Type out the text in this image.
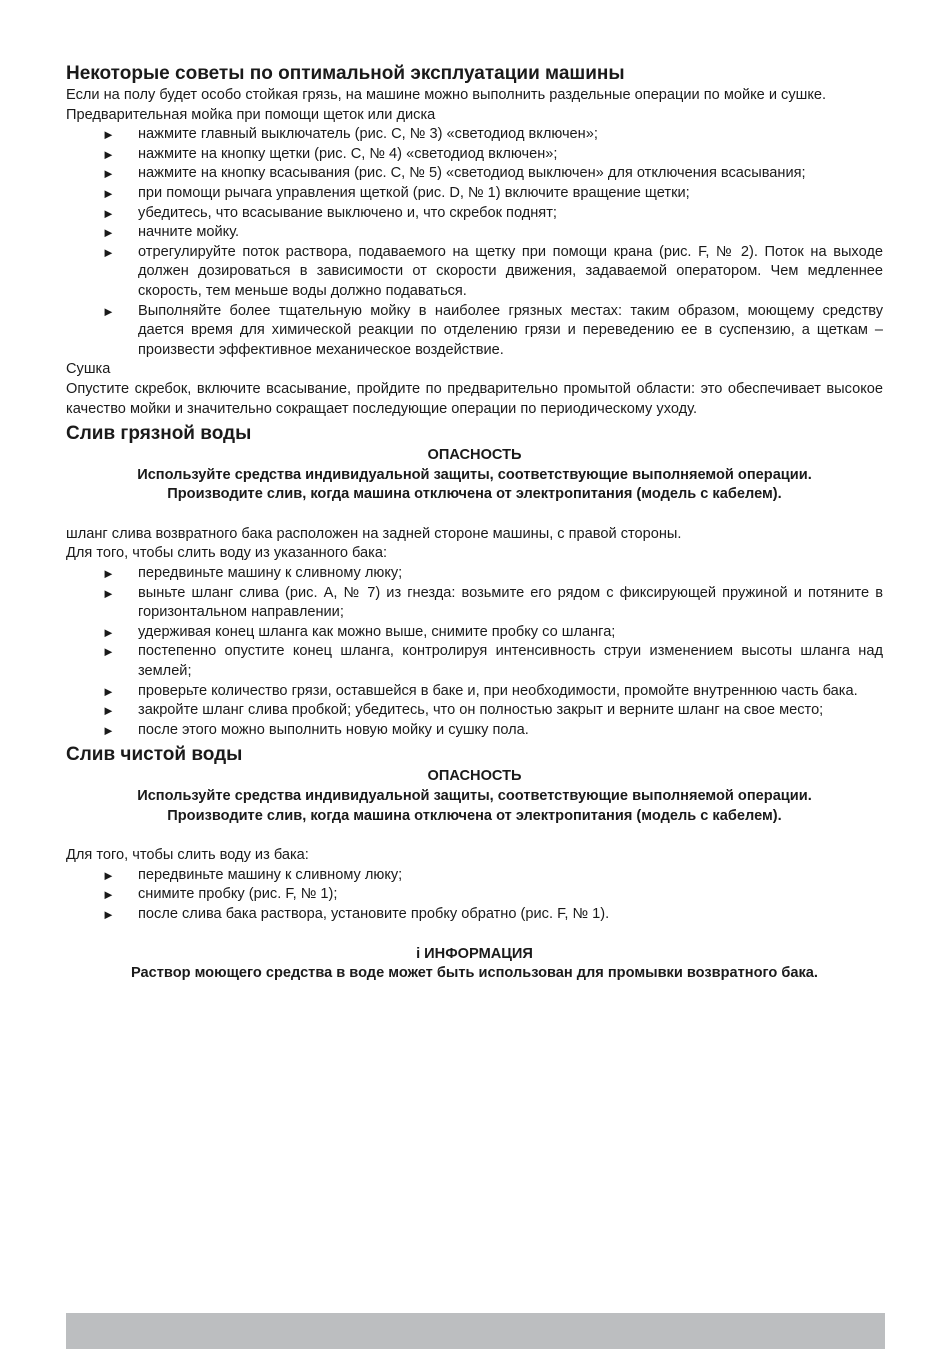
Некоторые советы по оптимальной эксплуатации машины

Если на полу будет особо стойкая грязь, на машине можно выполнить раздельные операции по мойке и сушке.

Предварительная мойка при помощи щеток или диска

► нажмите главный выключатель (рис. C, № 3) «светодиод включен»;
► нажмите на кнопку щетки (рис. C, № 4) «светодиод включен»;
► нажмите на кнопку всасывания (рис. C, № 5) «светодиод выключен» для отключения всасывания;
► при помощи рычага управления щеткой (рис. D, № 1) включите вращение щетки;
► убедитесь, что всасывание выключено и, что скребок поднят;
► начните мойку.
► отрегулируйте поток раствора, подаваемого на щетку при помощи крана (рис. F, № 2). Поток на выходе должен дозироваться в зависимости от скорости движения, задаваемой оператором. Чем медленнее скорость, тем меньше воды должно подаваться.
► Выполняйте более тщательную мойку в наиболее грязных местах: таким образом, моющему средству дается время для химической реакции по отделению грязи и переведению ее в суспензию, а щеткам – произвести эффективное механическое воздействие.

Сушка

Опустите скребок, включите всасывание, пройдите по предварительно промытой области: это обеспечивает высокое качество мойки и значительно сокращает последующие операции по периодическому уходу.

Слив грязной воды

ОПАСНОСТЬ

Используйте средства индивидуальной защиты, соответствующие выполняемой операции.

Производите слив, когда машина отключена от электропитания (модель с кабелем).

шланг слива возвратного бака расположен на задней стороне машины, с правой стороны.

Для того, чтобы слить воду из указанного бака:

► передвиньте машину к сливному люку;
► выньте шланг слива (рис. A, № 7) из гнезда: возьмите его рядом с фиксирующей пружиной и потяните в горизонтальном направлении;
► удерживая конец шланга как можно выше, снимите пробку со шланга;
► постепенно опустите конец шланга, контролируя интенсивность струи изменением высоты шланга над землей;
► проверьте количество грязи, оставшейся в баке и, при необходимости, промойте внутреннюю часть бака.
► закройте шланг слива пробкой; убедитесь, что он полностью закрыт и верните шланг на свое место;
► после этого можно выполнить новую мойку и сушку пола.
Слив чистой воды

ОПАСНОСТЬ

Используйте средства индивидуальной защиты, соответствующие выполняемой операции.

Производите слив, когда машина отключена от электропитания (модель с кабелем).

Для того, чтобы слить воду из бака:

► передвиньте машину к сливному люку;
► снимите пробку (рис. F, № 1);
► после слива бака раствора, установите пробку обратно (рис. F, № 1).

i ИНФОРМАЦИЯ

Раствор моющего средства в воде может быть использован для промывки возвратного бака.
